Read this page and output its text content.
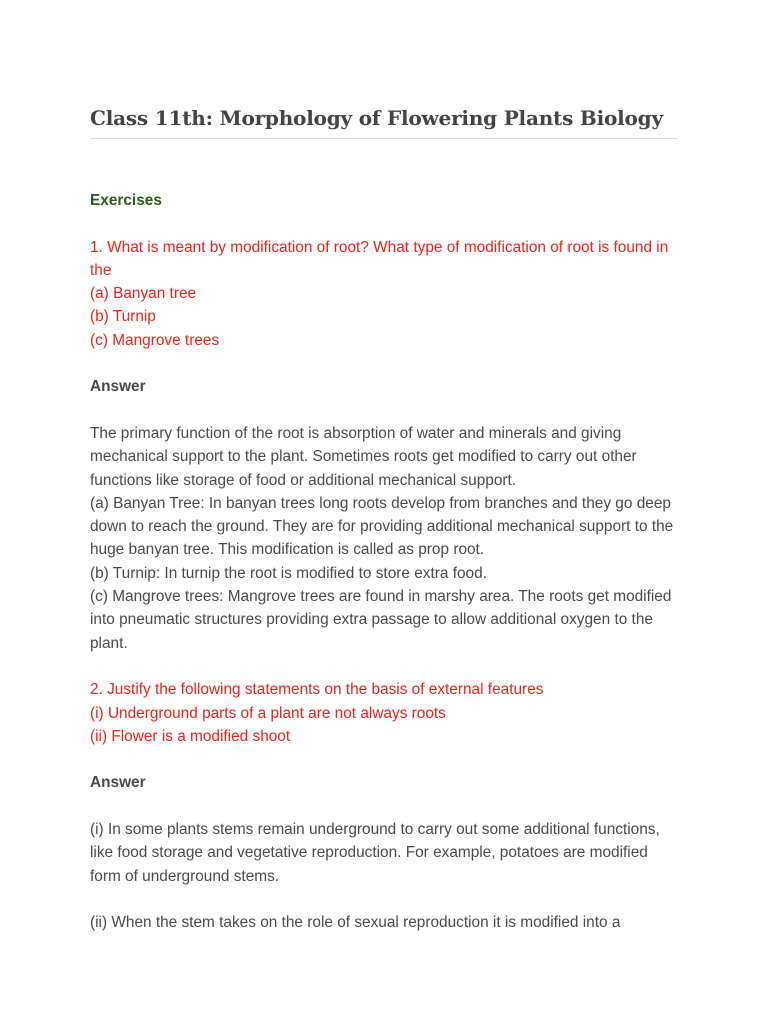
Class 11th: Morphology of Flowering Plants Biology

Exercises

1. What is meant by modification of root? What type of modification of root is found in the
(a) Banyan tree
(b) Turnip
(c) Mangrove trees

Answer

The primary function of the root is absorption of water and minerals and giving mechanical support to the plant. Sometimes roots get modified to carry out other functions like storage of food or additional mechanical support.
(a) Banyan Tree: In banyan trees long roots develop from branches and they go deep down to reach the ground. They are for providing additional mechanical support to the huge banyan tree. This modification is called as prop root.
(b) Turnip: In turnip the root is modified to store extra food.
(c) Mangrove trees: Mangrove trees are found in marshy area. The roots get modified into pneumatic structures providing extra passage to allow additional oxygen to the plant.

2. Justify the following statements on the basis of external features
(i) Underground parts of a plant are not always roots
(ii) Flower is a modified shoot

Answer

(i) In some plants stems remain underground to carry out some additional functions, like food storage and vegetative reproduction. For example, potatoes are modified form of underground stems.

(ii) When the stem takes on the role of sexual reproduction it is modified into a
